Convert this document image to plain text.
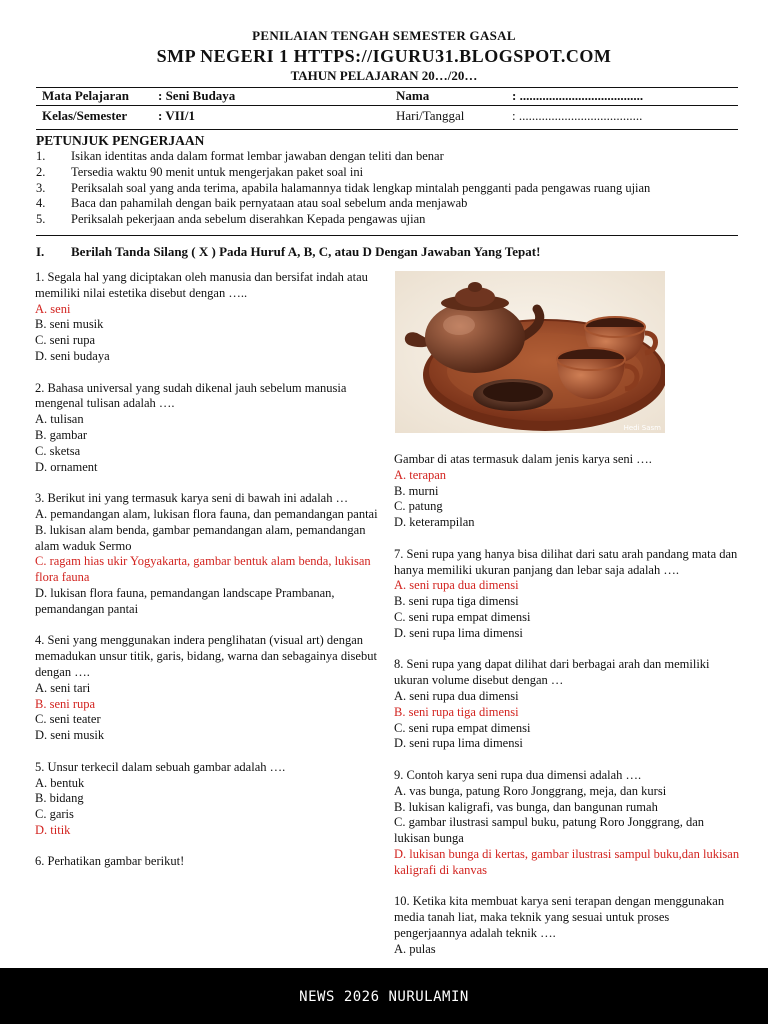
PENILAIAN TENGAH SEMESTER GASAL
SMP NEGERI 1 HTTPS://IGURU31.BLOGSPOT.COM
TAHUN PELAJARAN 20…/20…
Mata Pelajaran : Seni Budaya	Nama	: ......................................
Kelas/Semester : VII/1	Hari/Tanggal	: ......................................
PETUNJUK PENGERJAAN
1. Isikan identitas anda dalam format lembar jawaban dengan teliti dan benar
2. Tersedia waktu 90 menit untuk mengerjakan paket soal ini
3. Periksalah soal yang anda terima, apabila halamannya tidak lengkap mintalah pengganti pada pengawas ruang ujian
4. Baca dan pahamilah dengan baik pernyataan atau soal sebelum anda menjawab
5. Periksalah pekerjaan anda sebelum diserahkan Kepada pengawas ujian
I. Berilah Tanda Silang ( X ) Pada Huruf A, B, C, atau D Dengan Jawaban Yang Tepat!

1. Segala hal yang diciptakan oleh manusia dan bersifat indah atau memiliki nilai estetika disebut dengan …..

A. seni

B. seni musik

C. seni rupa

D. seni budaya

2. Bahasa universal yang sudah dikenal jauh sebelum manusia mengenal tulisan adalah ….

A. tulisan

B. gambar

C. sketsa

D. ornament

3. Berikut ini yang termasuk karya seni di bawah ini adalah …

A. pemandangan alam, lukisan flora fauna, dan pemandangan pantai

B. lukisan alam benda, gambar pemandangan alam, pemandangan alam waduk Sermo

C. ragam hias ukir Yogyakarta, gambar bentuk alam benda, lukisan flora fauna

D. lukisan flora fauna, pemandangan landscape Prambanan, pemandangan pantai

4. Seni yang menggunakan indera penglihatan (visual art) dengan memadukan unsur titik, garis, bidang, warna dan sebagainya disebut dengan ….

A. seni tari

B. seni rupa

C. seni teater

D. seni musik

5. Unsur terkecil dalam sebuah gambar adalah ….

A. bentuk

B. bidang

C. garis

D. titik

6. Perhatikan gambar berikut!

Hedi Sasm

Gambar di atas termasuk dalam jenis karya seni ….

A. terapan

B. murni

C. patung

D. keterampilan

7. Seni rupa yang hanya bisa dilihat dari satu arah pandang mata dan hanya memiliki ukuran panjang dan lebar saja adalah ….

A. seni rupa dua dimensi

B. seni rupa tiga dimensi

C. seni rupa empat dimensi

D. seni rupa lima dimensi

8. Seni rupa yang dapat dilihat dari berbagai arah dan memiliki ukuran volume disebut dengan …

A. seni rupa dua dimensi

B. seni rupa tiga dimensi

C. seni rupa empat dimensi

D. seni rupa lima dimensi

9. Contoh karya seni rupa dua dimensi adalah ….

A. vas bunga, patung Roro Jonggrang, meja, dan kursi

B. lukisan kaligrafi, vas bunga, dan bangunan rumah

C. gambar ilustrasi sampul buku, patung Roro Jonggrang, dan lukisan bunga

D. lukisan bunga di kertas, gambar ilustrasi sampul buku,dan lukisan kaligrafi di kanvas

10. Ketika kita membuat karya seni terapan dengan menggunakan media tanah liat, maka teknik yang sesuai untuk proses pengerjaannya adalah teknik ….

A. pulas

NEWS 2026 NURULAMIN
